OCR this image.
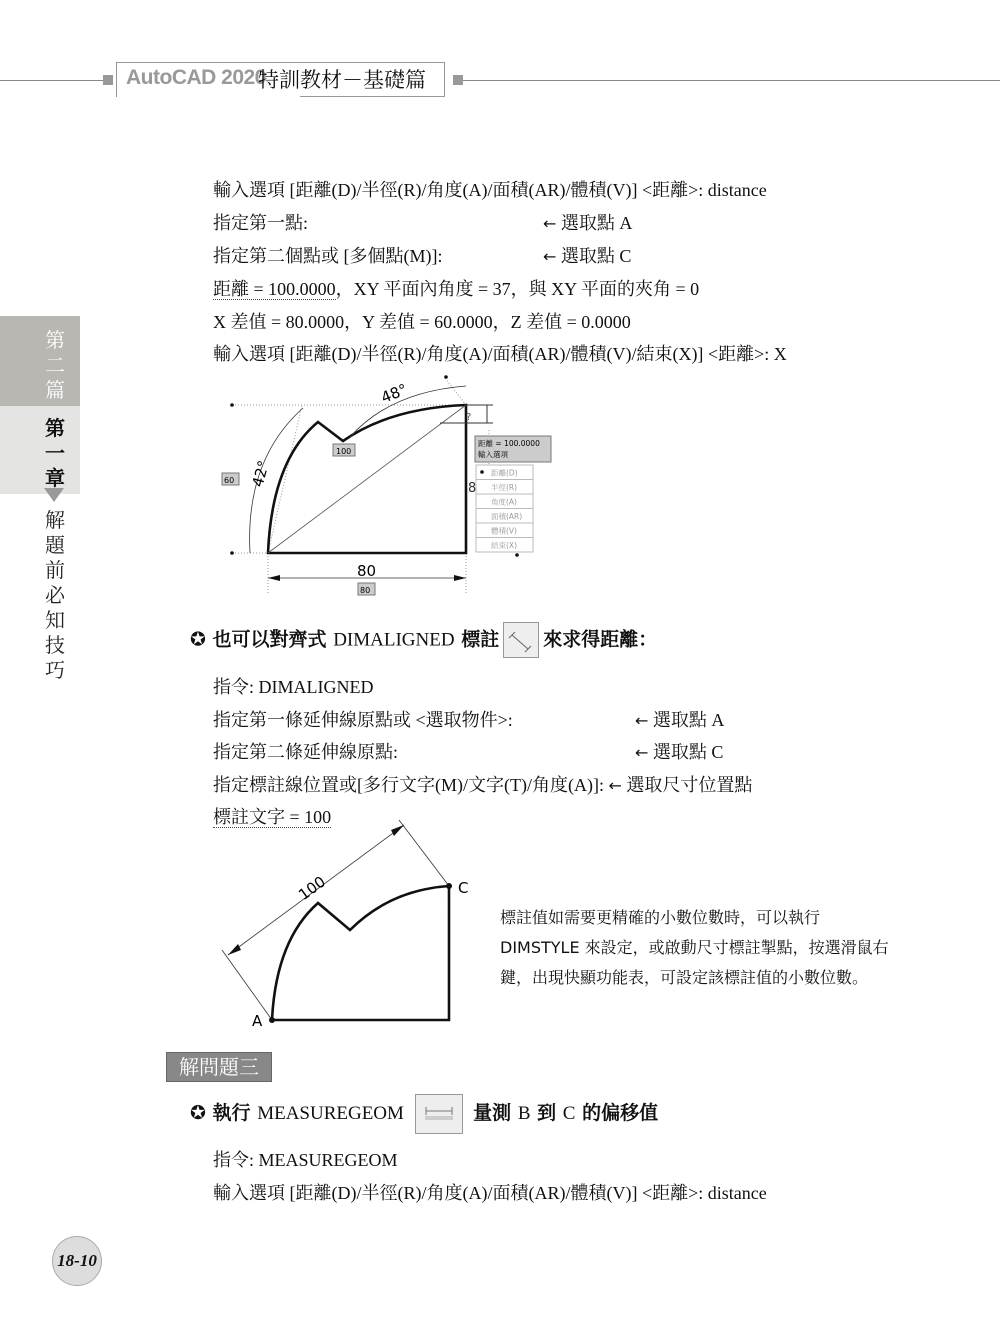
AutoCAD 2020
特訓教材－基礎篇
第二篇
第一章
解題前必知技巧
輸入選項 [距離(D)/半徑(R)/角度(A)/面積(AR)/體積(V)] <距離>: distance
指定第一點:	← 選取點 A
指定第二個點或 [多個點(M)]:	← 選取點 C
距離 = 100.0000，XY 平面內角度 = 37，與 XY 平面的夾角 = 0
X 差值 = 80.0000，Y 差值 = 60.0000，Z 差值 = 0.0000
輸入選項 [距離(D)/半徑(R)/角度(A)/面積(AR)/體積(V)/結束(X)] <距離>: X
48°
42°
80
?
8
80
60
100
距離 = 100.0000
輸入選項
距離(D)
半徑(R)
角度(A)
面積(AR)
體積(V)
結束(X)
✪ 也可以對齊式 DIMALIGNED 標註 來求得距離：
指令: DIMALIGNED
指定第一條延伸線原點或 <選取物件>:	← 選取點 A
指定第二條延伸線原點:	← 選取點 C
指定標註線位置或[多行文字(M)/文字(T)/角度(A)]: ← 選取尺寸位置點
標註文字 = 100
100
A
C
標註值如需要更精確的小數位數時，可以執行 DIMSTYLE 來設定，或啟動尺寸標註掣點，按選滑鼠右鍵，出現快顯功能表，可設定該標註值的小數位數。
解問題三
✪ 執行 MEASUREGEOM	量測 B 到 C 的偏移值
指令: MEASUREGEOM
輸入選項 [距離(D)/半徑(R)/角度(A)/面積(AR)/體積(V)] <距離>: distance
18-10
